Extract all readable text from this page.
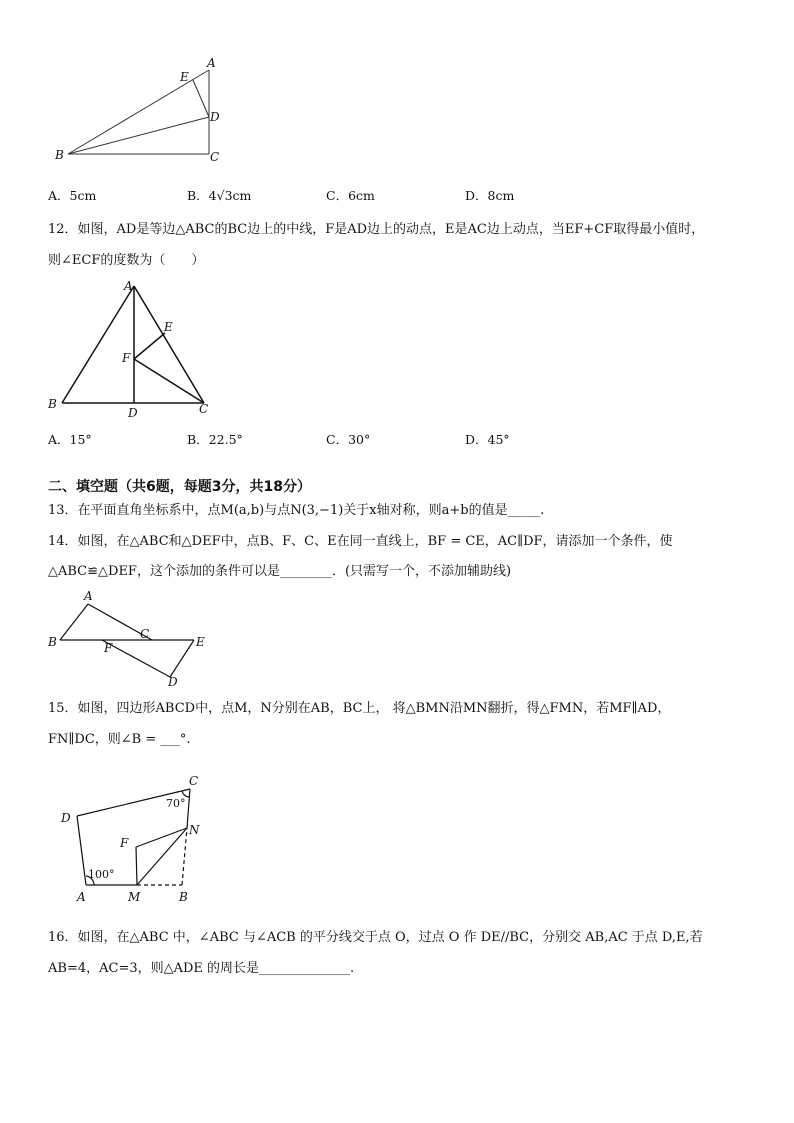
A
E
D
B	C
A．5cm	B．4√3cm	C．6cm	D．8cm
12．如图，AD是等边△ABC的BC边上的中线，F是AD边上的动点，E是AC边上动点，当EF+CF取得最小值时，
则∠ECF的度数为（　　）
A
E
F
B
D	C
A．15°	B．22.5°	C．30°	D．45°
二、填空题（共6题，每题3分，共18分）
13．在平面直角坐标系中，点M(a,b)与点N(3,−1)关于x轴对称，则a+b的值是_____.
14．如图，在△ABC和△DEF中，点B、F、C、E在同一直线上，BF = CE，AC∥DF，请添加一个条件，使
△ABC≌△DEF，这个添加的条件可以是________．(只需写一个，不添加辅助线)
A
B
C
F	E
D
15．如图，四边形ABCD中，点M，N分别在AB，BC上， 将△BMN沿MN翻折，得△FMN，若MF∥AD，
FN∥DC，则∠B = ___°.
C
D
F
N
A	M	B
70°
100°
16．如图，在△ABC 中，∠ABC 与∠ACB 的平分线交于点 O，过点 O 作 DE//BC，分别交 AB,AC 于点 D,E,若
AB=4，AC=3，则△ADE 的周长是______________.
